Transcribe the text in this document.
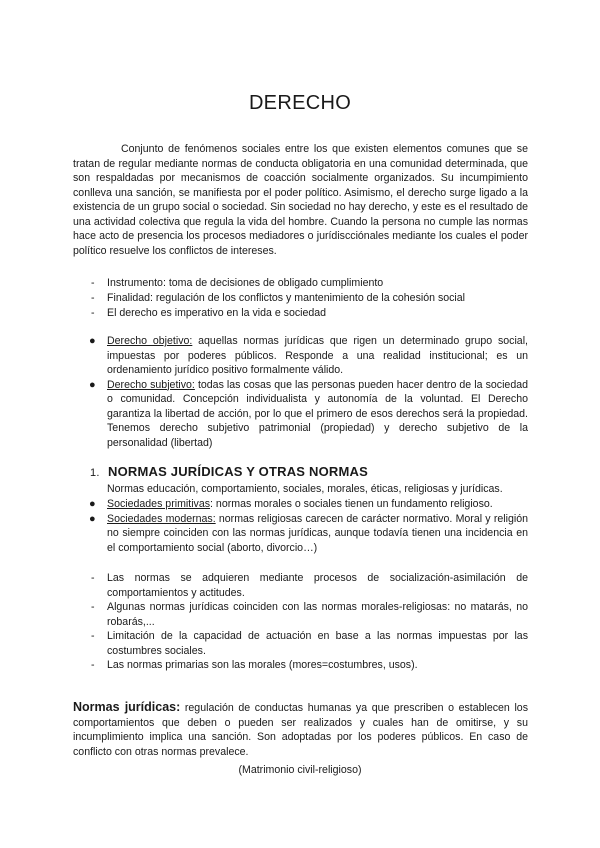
DERECHO

Conjunto de fenómenos sociales entre los que existen elementos comunes que se tratan de regular mediante normas de conducta obligatoria en una comunidad determinada, que son respaldadas por mecanismos de coacción socialmente organizados. Su incumpimiento conlleva una sanción, se manifiesta por el poder político. Asimismo, el derecho surge ligado a la existencia de un grupo social o sociedad. Sin sociedad no hay derecho, y este es el resultado de una actividad colectiva que regula la vida del hombre. Cuando la persona no cumple las normas hace acto de presencia los procesos mediadores o jurídiscciónales mediante los cuales el poder político resuelve los conflictos de intereses.

- Instrumento: toma de decisiones de obligado cumplimiento
- Finalidad: regulación de los conflictos y mantenimiento de la cohesión social
- El derecho es imperativo en la vida e sociedad
● Derecho objetivo: aquellas normas jurídicas que rigen un determinado grupo social, impuestas por poderes públicos. Responde a una realidad institucional; es un ordenamiento jurídico positivo formalmente válido.
● Derecho subjetivo: todas las cosas que las personas pueden hacer dentro de la sociedad o comunidad. Concepción individualista y autonomía de la voluntad. El Derecho garantiza la libertad de acción, por lo que el primero de esos derechos será la propiedad. Tenemos derecho subjetivo patrimonial (propiedad) y derecho subjetivo de la personalidad (libertad)
1. NORMAS JURÍDICAS Y OTRAS NORMAS

Normas educación, comportamiento, sociales, morales, éticas, religiosas y jurídicas.

● Sociedades primitivas: normas morales o sociales tienen un fundamento religioso.
● Sociedades modernas: normas religiosas carecen de carácter normativo. Moral y religión no siempre coinciden con las normas jurídicas, aunque todavía tienen una incidencia en el comportamiento social (aborto, divorcio…)
- Las normas se adquieren mediante procesos de socialización-asimilación de comportamientos y actitudes.
- Algunas normas jurídicas coinciden con las normas morales-religiosas: no matarás, no robarás,...
- Limitación de la capacidad de actuación en base a las normas impuestas por las costumbres sociales.
- Las normas primarias son las morales (mores=costumbres, usos).

Normas jurídicas: regulación de conductas humanas ya que prescriben o establecen los comportamientos que deben o pueden ser realizados y cuales han de omitirse, y su incumplimiento implica una sanción. Son adoptadas por los poderes públicos. En caso de conflicto con otras normas prevalece.

(Matrimonio civil-religioso)
